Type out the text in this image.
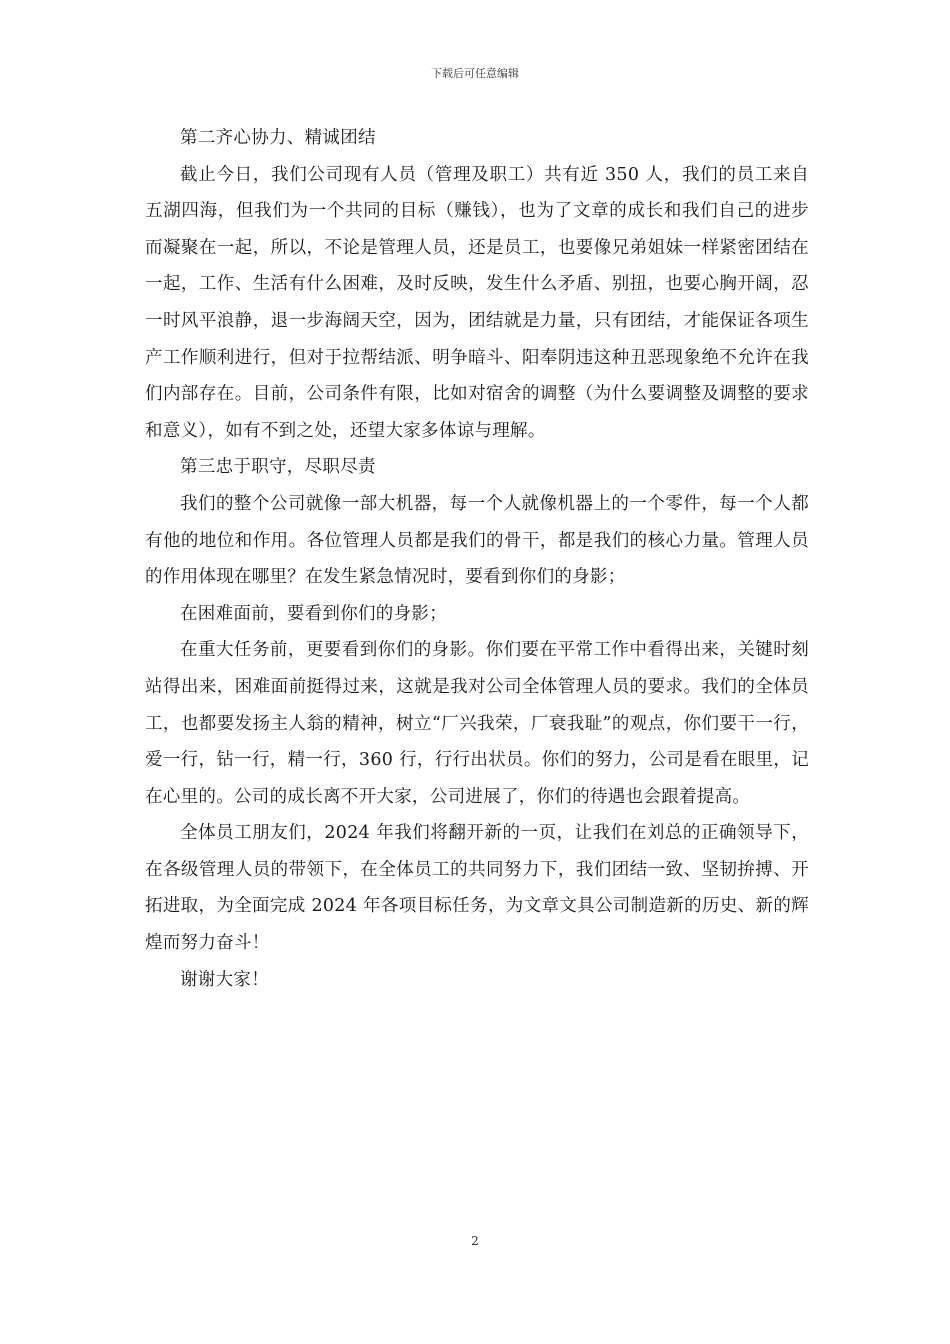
下载后可任意编辑

第二齐心协力、精诚团结

截止今日，我们公司现有人员（管理及职工）共有近 350 人，我们的员工来自五湖四海，但我们为一个共同的目标（赚钱），也为了文章的成长和我们自己的进步而凝聚在一起，所以，不论是管理人员，还是员工，也要像兄弟姐妹一样紧密团结在一起，工作、生活有什么困难，及时反映，发生什么矛盾、别扭，也要心胸开阔，忍一时风平浪静，退一步海阔天空，因为，团结就是力量，只有团结，才能保证各项生产工作顺利进行，但对于拉帮结派、明争暗斗、阳奉阴违这种丑恶现象绝不允许在我们内部存在。目前，公司条件有限，比如对宿舍的调整（为什么要调整及调整的要求和意义），如有不到之处，还望大家多体谅与理解。

第三忠于职守，尽职尽责

我们的整个公司就像一部大机器，每一个人就像机器上的一个零件，每一个人都有他的地位和作用。各位管理人员都是我们的骨干，都是我们的核心力量。管理人员的作用体现在哪里？在发生紧急情况时，要看到你们的身影；

在困难面前，要看到你们的身影；

在重大任务前，更要看到你们的身影。你们要在平常工作中看得出来，关键时刻站得出来，困难面前挺得过来，这就是我对公司全体管理人员的要求。我们的全体员工，也都要发扬主人翁的精神，树立“厂兴我荣，厂衰我耻”的观点，你们要干一行，爱一行，钻一行，精一行，360 行，行行出状员。你们的努力，公司是看在眼里，记在心里的。公司的成长离不开大家，公司进展了，你们的待遇也会跟着提高。

全体员工朋友们，2024 年我们将翻开新的一页，让我们在刘总的正确领导下，在各级管理人员的带领下，在全体员工的共同努力下，我们团结一致、坚韧拚搏、开拓进取，为全面完成 2024 年各项目标任务，为文章文具公司制造新的历史、新的辉煌而努力奋斗！

谢谢大家！

2
